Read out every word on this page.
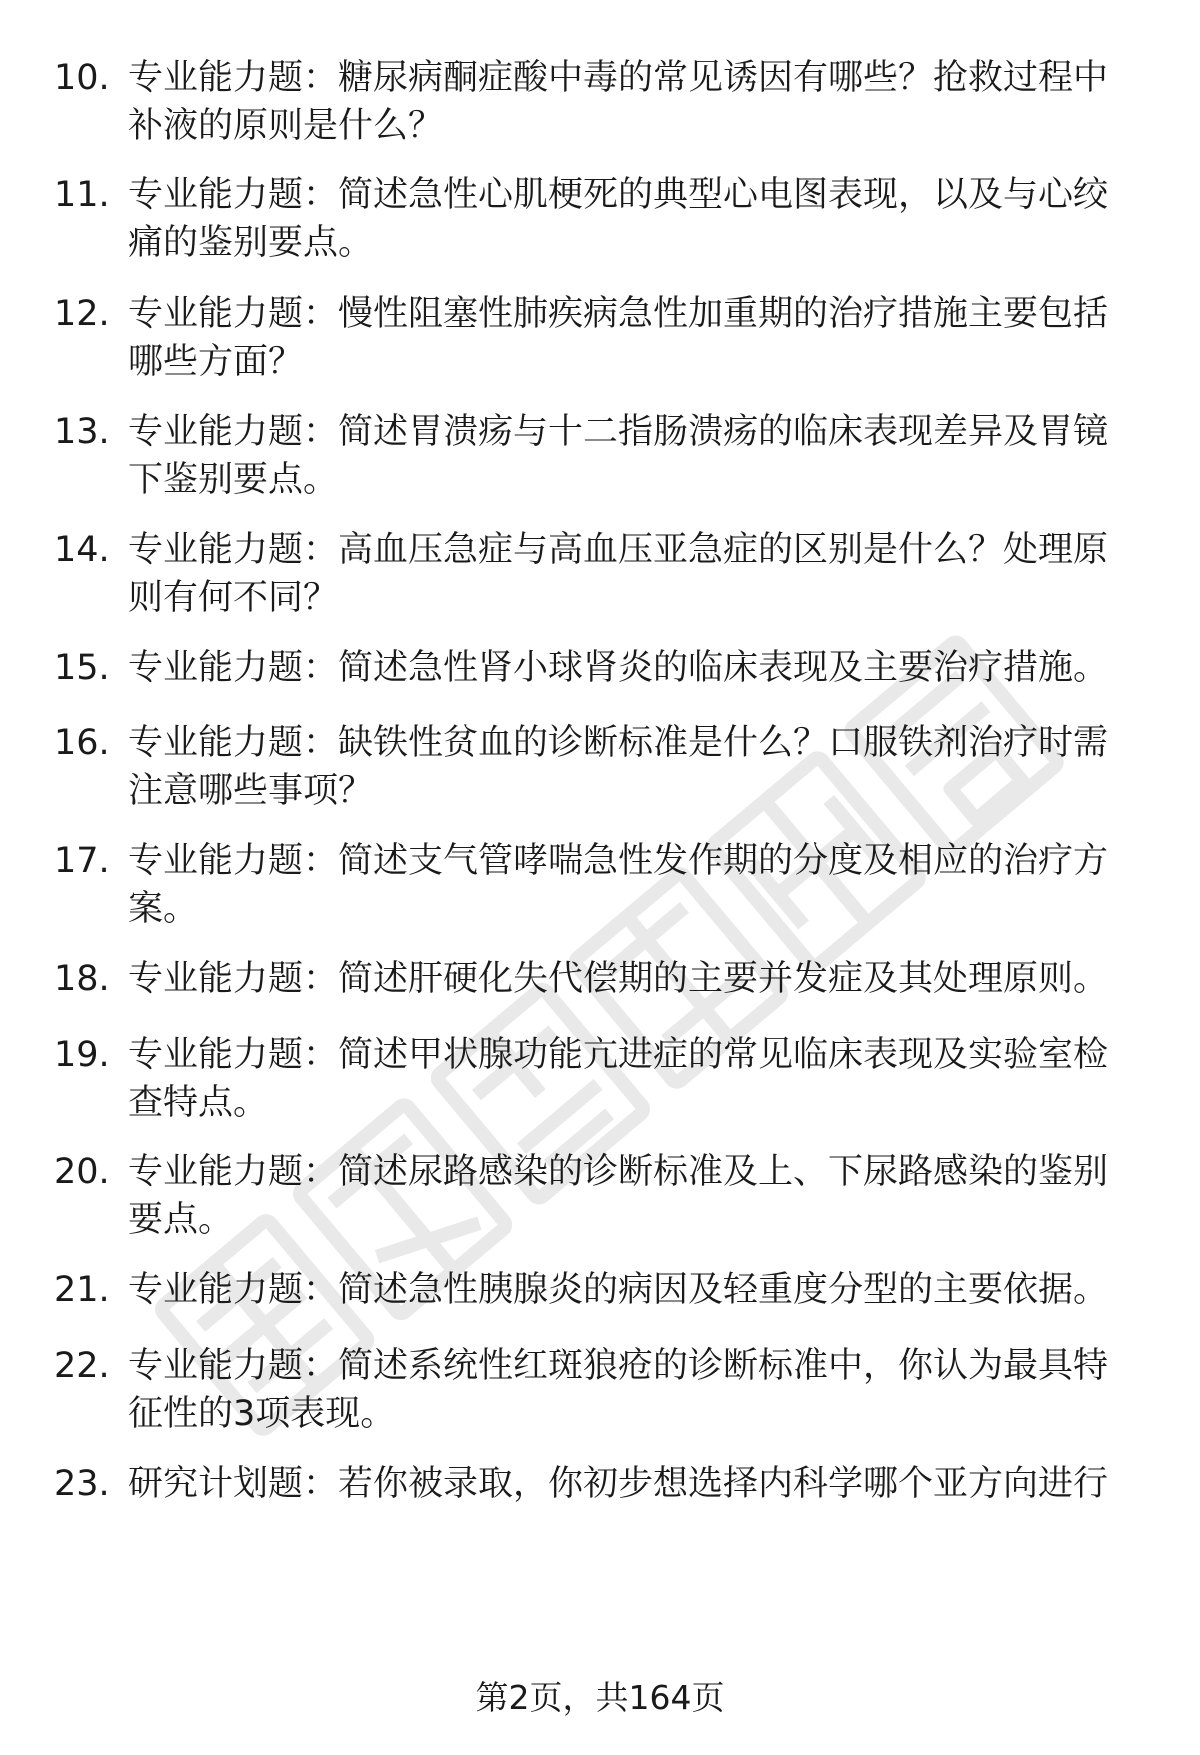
10. 专业能力题：糖尿病酮症酸中毒的常见诱因有哪些？抢救过程中
补液的原则是什么？
11. 专业能力题：简述急性心肌梗死的典型心电图表现，以及与心绞
痛的鉴别要点。
12. 专业能力题：慢性阻塞性肺疾病急性加重期的治疗措施主要包括
哪些方面？
13. 专业能力题：简述胃溃疡与十二指肠溃疡的临床表现差异及胃镜
下鉴别要点。
14. 专业能力题：高血压急症与高血压亚急症的区别是什么？处理原
则有何不同？
15. 专业能力题：简述急性肾小球肾炎的临床表现及主要治疗措施。
16. 专业能力题：缺铁性贫血的诊断标准是什么？口服铁剂治疗时需
注意哪些事项？
17. 专业能力题：简述支气管哮喘急性发作期的分度及相应的治疗方
案。
18. 专业能力题：简述肝硬化失代偿期的主要并发症及其处理原则。
19. 专业能力题：简述甲状腺功能亢进症的常见临床表现及实验室检
查特点。
20. 专业能力题：简述尿路感染的诊断标准及上、下尿路感染的鉴别
要点。
21. 专业能力题：简述急性胰腺炎的病因及轻重度分型的主要依据。
22. 专业能力题：简述系统性红斑狼疮的诊断标准中，你认为最具特
征性的3项表现。
23. 研究计划题：若你被录取，你初步想选择内科学哪个亚方向进行
第2页，共164页
